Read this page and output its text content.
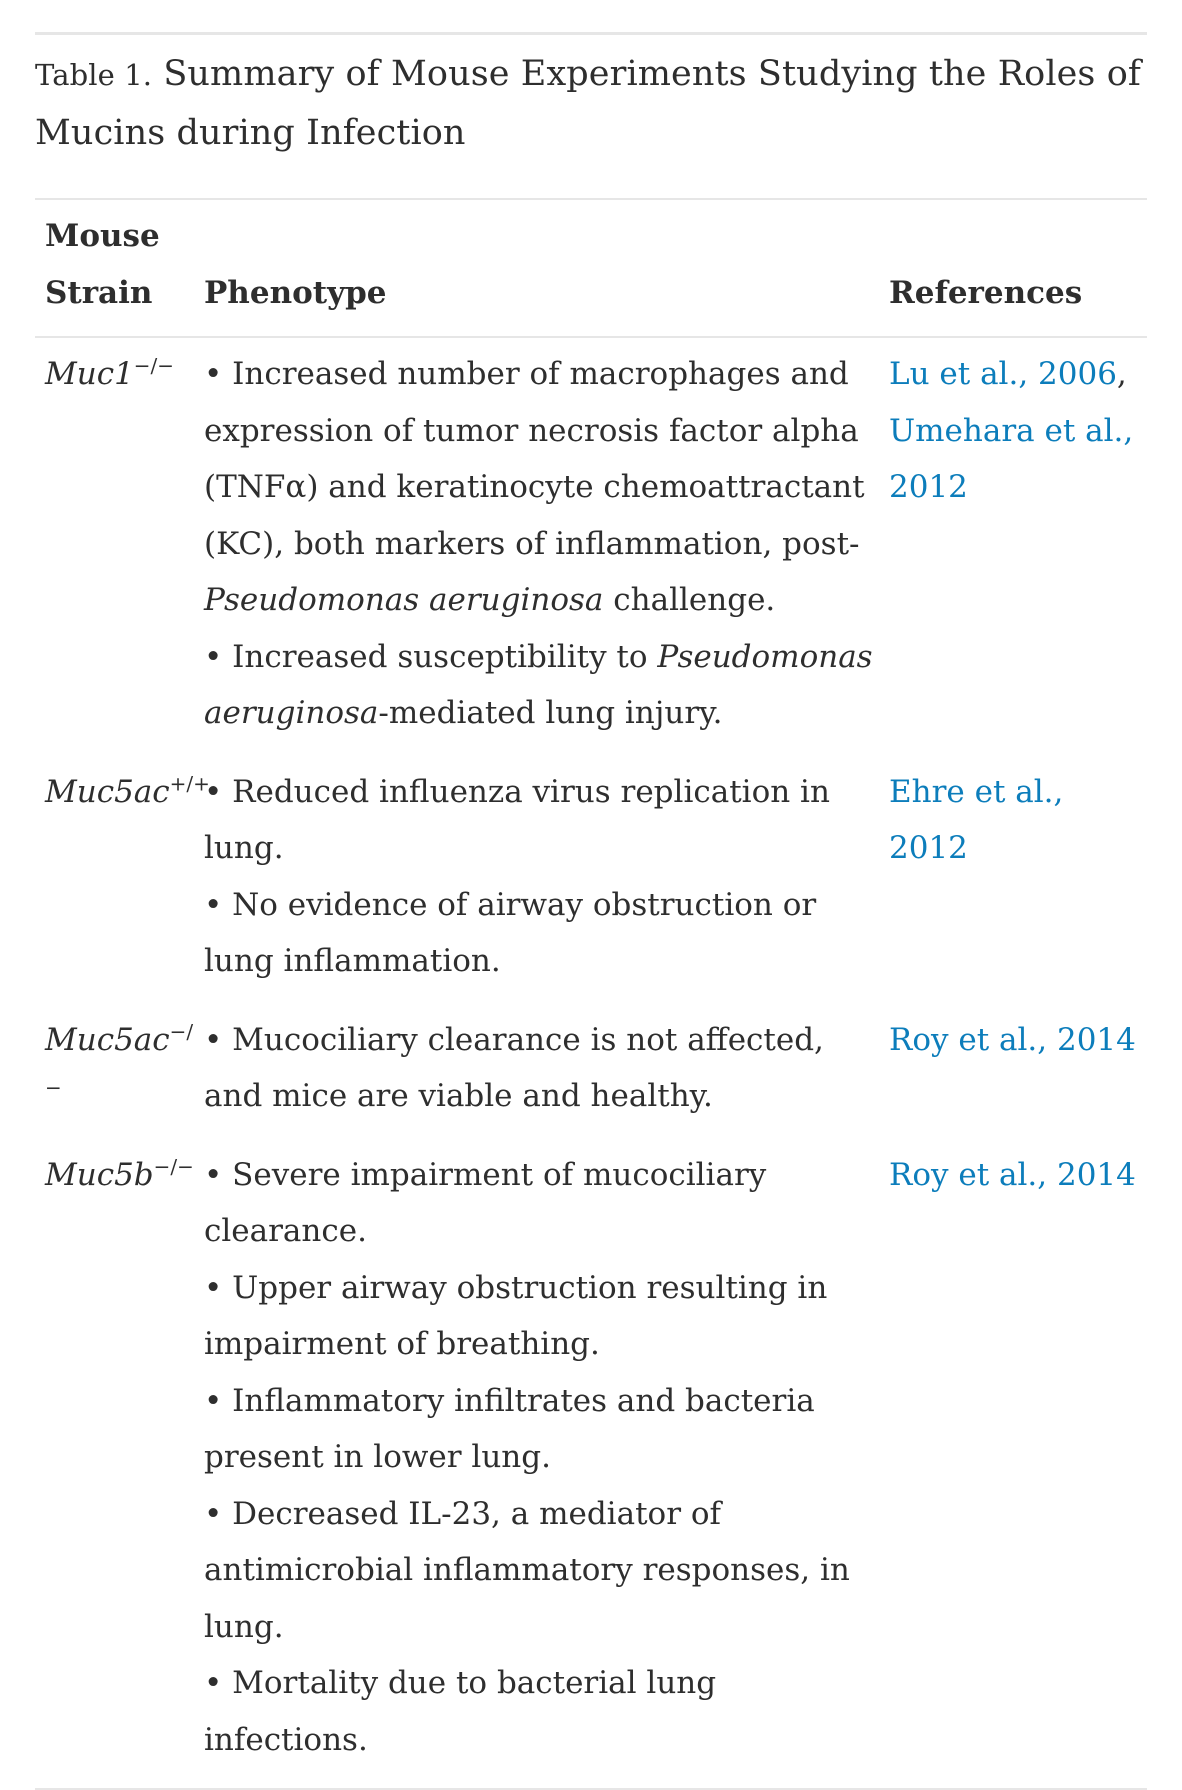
Table 1. Summary of Mouse Experiments Studying the Roles of Mucins during Infection
Mouse
Strain	Phenotype	References
Muc1−/− • Increased number of macrophages and expression of tumor necrosis factor alpha (TNFα) and keratinocyte chemoattractant (KC), both markers of inflammation, post-Pseudomonas aeruginosa challenge.
• Increased susceptibility to Pseudomonas aeruginosa-mediated lung injury.
Lu et al., 2006, Umehara et al., 2012
Muc5ac+/+
• Reduced influenza virus replication in lung.
• No evidence of airway obstruction or lung inflammation.
Ehre et al., 2012
Muc5ac−/−
• Mucociliary clearance is not affected, and mice are viable and healthy.
Roy et al., 2014
Muc5b−/− • Severe impairment of mucociliary clearance.
• Upper airway obstruction resulting in impairment of breathing.
• Inflammatory infiltrates and bacteria present in lower lung.
• Decreased IL-23, a mediator of antimicrobial inflammatory responses, in lung.
• Mortality due to bacterial lung infections.
Roy et al., 2014
